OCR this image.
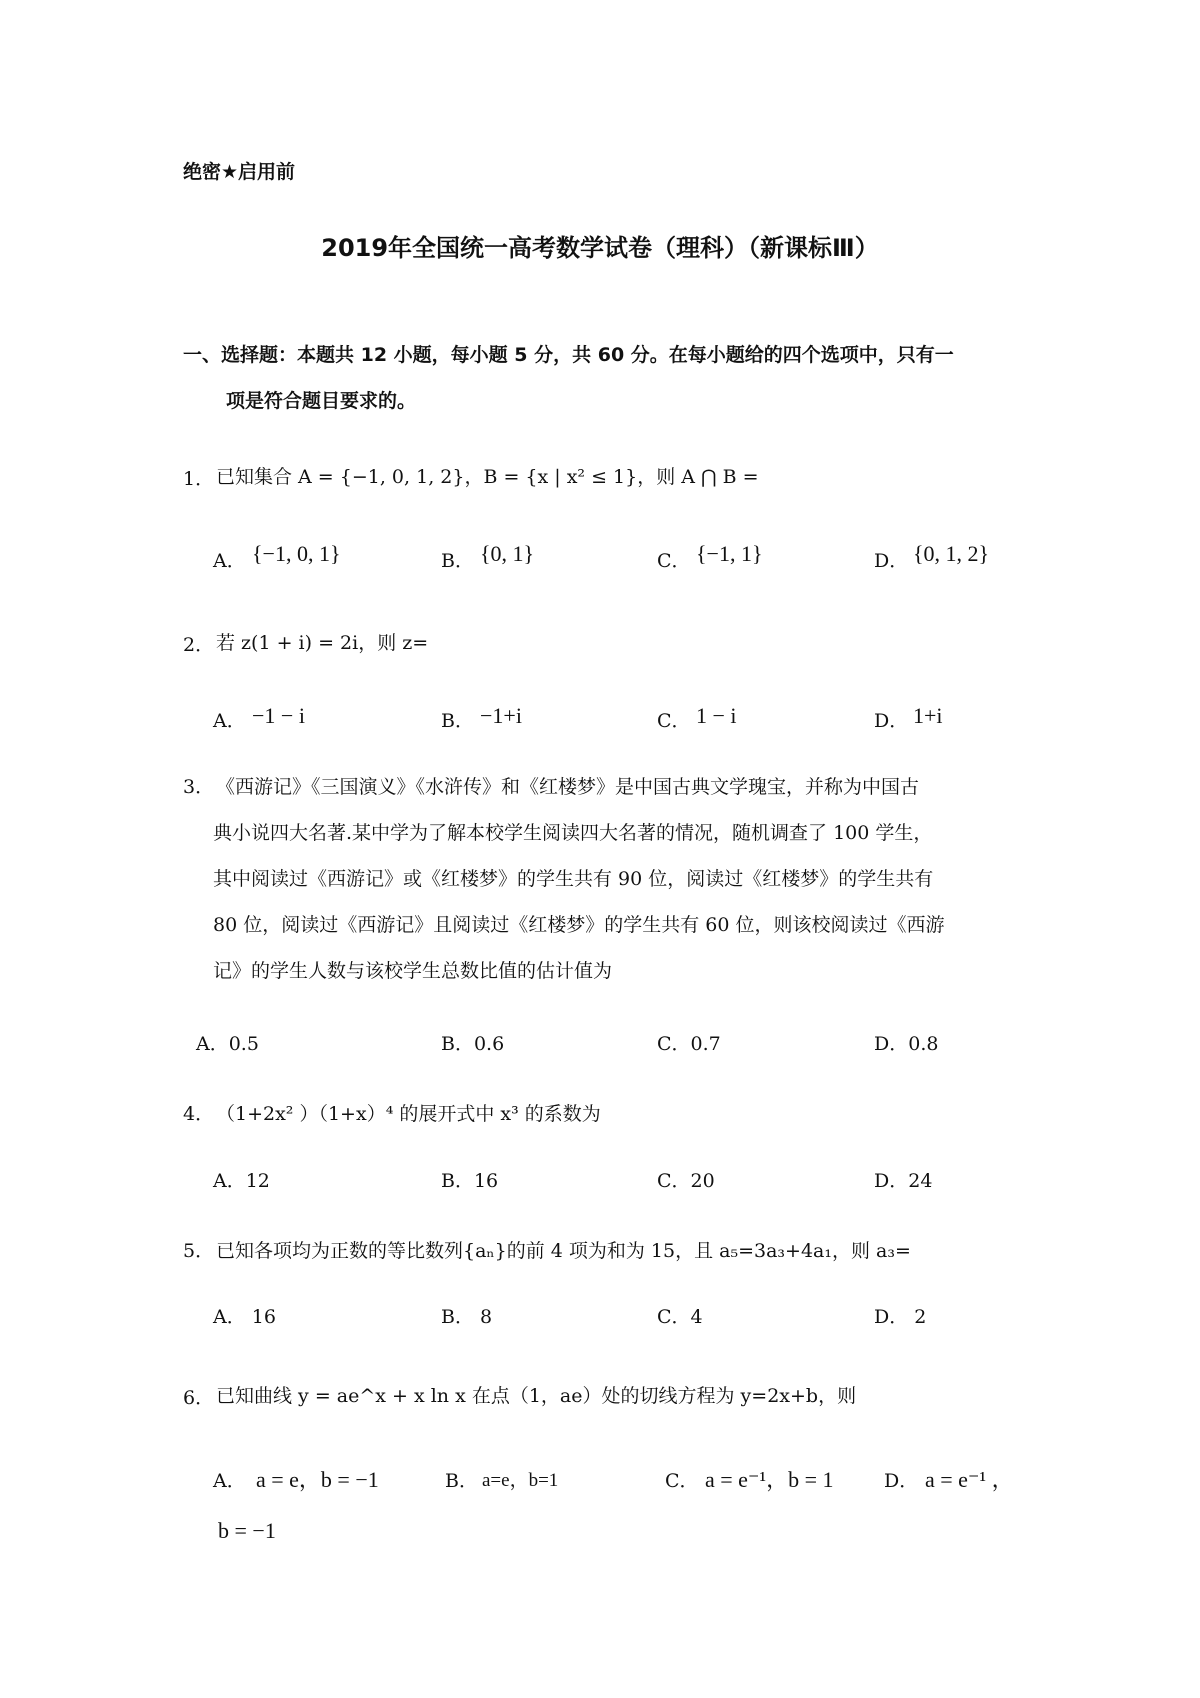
绝密★启用前
2019年全国统一高考数学试卷（理科）（新课标Ⅲ）
一、选择题：本题共 12 小题，每小题 5 分，共 60 分。在每小题给的四个选项中，只有一
项是符合题目要求的。
1． 已知集合 A = {−1, 0, 1, 2}，B = {x | x² ≤ 1}，则 A ⋂ B =
A． {−1, 0, 1}	B． {0, 1}	C． {−1, 1}	D． {0, 1, 2}
2． 若 z(1 + i) = 2i，则 z=
A． −1 − i	B． −1+i	C． 1 − i	D． 1+i
3． 《西游记》《三国演义》《水浒传》和《红楼梦》是中国古典文学瑰宝，并称为中国古
典小说四大名著.某中学为了解本校学生阅读四大名著的情况，随机调查了 100 学生，
其中阅读过《西游记》或《红楼梦》的学生共有 90 位，阅读过《红楼梦》的学生共有
80 位，阅读过《西游记》且阅读过《红楼梦》的学生共有 60 位，则该校阅读过《西游
记》的学生人数与该校学生总数比值的估计值为
A．0.5	B．0.6	C．0.7	D．0.8
4． （1+2x² ）（1+x）⁴ 的展开式中 x³ 的系数为
A．12	B．16	C．20	D．24
5． 已知各项均为正数的等比数列{aₙ}的前 4 项为和为 15，且 a₅=3a₃+4a₁，则 a₃=
A． 16	B． 8	C．4	D． 2
6． 已知曲线 y = ae^x + x ln x 在点（1，ae）处的切线方程为 y=2x+b，则
A． a = e，b = −1	B． a=e，b=1	C． a = e⁻¹，b = 1	D． a = e⁻¹ ，
b = −1
